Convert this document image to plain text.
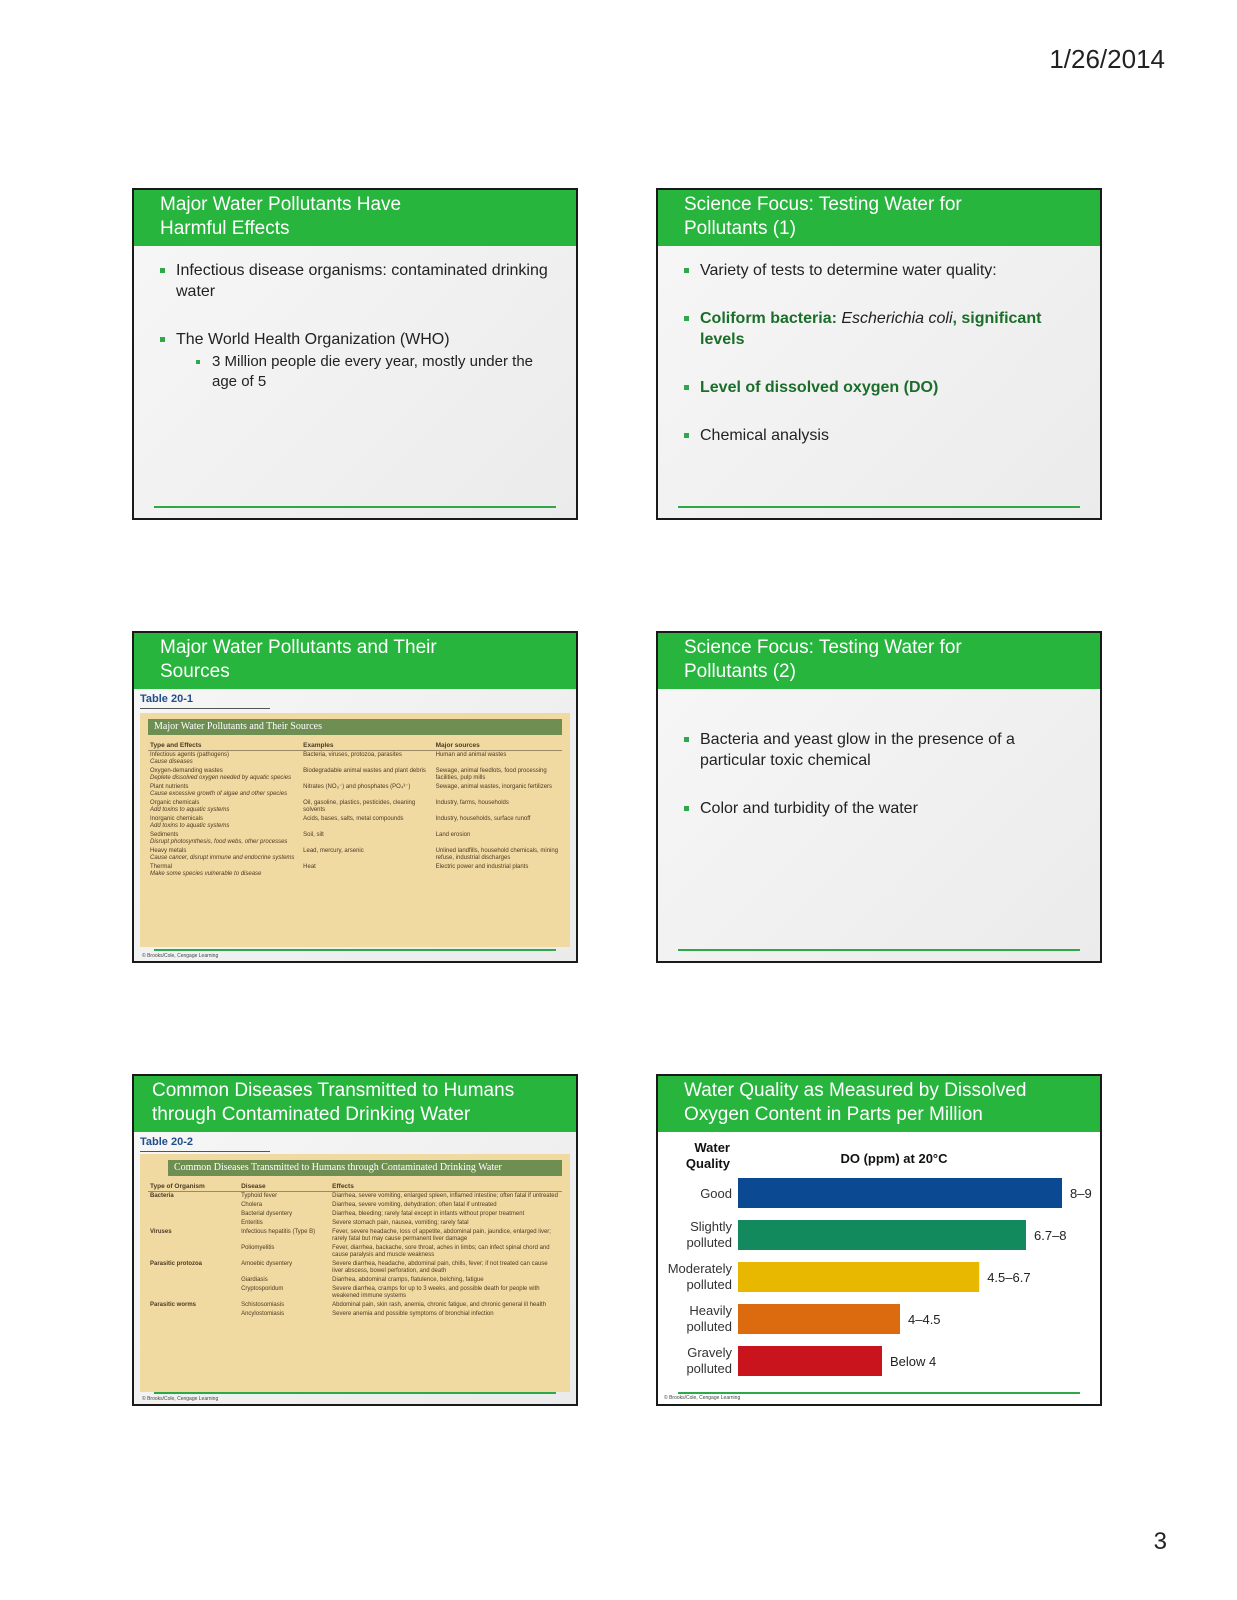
1/26/2014
Major Water Pollutants Have
Harmful Effects
Infectious disease organisms: contaminated drinking water
The World Health Organization (WHO)
3 Million people die every year, mostly under the age of 5
Science Focus: Testing Water for
Pollutants (1)
Variety of tests to determine water quality:
Coliform bacteria: Escherichia coli, significant levels
Level of dissolved oxygen (DO)
Chemical analysis
Major Water Pollutants and Their
Sources
Table 20-1
Major Water Pollutants and Their Sources
Type and Effects	Examples	Major sources
Infectious agents (pathogens)
Cause diseases	Bacteria, viruses, protozoa, parasites	Human and animal wastes
Oxygen-demanding wastes
Deplete dissolved oxygen needed by aquatic species	Biodegradable animal wastes and plant debris	Sewage, animal feedlots, food processing facilities, pulp mills
Plant nutrients
Cause excessive growth of algae and other species	Nitrates (NO₃⁻) and phosphates (PO₄³⁻)	Sewage, animal wastes, inorganic fertilizers
Organic chemicals
Add toxins to aquatic systems	Oil, gasoline, plastics, pesticides, cleaning solvents	Industry, farms, households
Inorganic chemicals
Add toxins to aquatic systems	Acids, bases, salts, metal compounds	Industry, households, surface runoff
Sediments
Disrupt photosynthesis, food webs, other processes	Soil, silt	Land erosion
Heavy metals
Cause cancer, disrupt immune and endocrine systems	Lead, mercury, arsenic	Unlined landfills, household chemicals, mining refuse, industrial discharges
Thermal
Make some species vulnerable to disease	Heat	Electric power and industrial plants
© Brooks/Cole, Cengage Learning
Science Focus: Testing Water for
Pollutants (2)
Bacteria and yeast glow in the presence of a particular toxic chemical
Color and turbidity of the water
Common Diseases Transmitted to Humans
through Contaminated Drinking Water
Table 20-2
Common Diseases Transmitted to Humans through Contaminated Drinking Water
Type of Organism	Disease	Effects
Bacteria	Typhoid fever	Diarrhea, severe vomiting, enlarged spleen, inflamed intestine; often fatal if untreated
	Cholera	Diarrhea, severe vomiting, dehydration; often fatal if untreated
	Bacterial dysentery	Diarrhea, bleeding; rarely fatal except in infants without proper treatment
	Enteritis	Severe stomach pain, nausea, vomiting; rarely fatal
Viruses	Infectious hepatitis (Type B)	Fever, severe headache, loss of appetite, abdominal pain, jaundice, enlarged liver; rarely fatal but may cause permanent liver damage
	Poliomyelitis	Fever, diarrhea, backache, sore throat, aches in limbs; can infect spinal chord and cause paralysis and muscle weakness
Parasitic protozoa	Amoebic dysentery	Severe diarrhea, headache, abdominal pain, chills, fever; if not treated can cause liver abscess, bowel perforation, and death
	Giardiasis	Diarrhea, abdominal cramps, flatulence, belching, fatigue
	Cryptosporidum	Severe diarrhea, cramps for up to 3 weeks, and possible death for people with weakened immune systems
Parasitic worms	Schistosomiasis	Abdominal pain, skin rash, anemia, chronic fatigue, and chronic general ill health
	Ancylostomiasis	Severe anemia and possible symptoms of bronchial infection
© Brooks/Cole, Cengage Learning
Water Quality as Measured by Dissolved
Oxygen Content in Parts per Million
DO (ppm) at 20°C
Water
Quality
8–9
Good
6.7–8
polluted
Slightly
4.5–6.7
polluted
Moderately
4–4.5
polluted
Heavily
Below 4
polluted
Gravely
© Brooks/Cole, Cengage Learning
3
